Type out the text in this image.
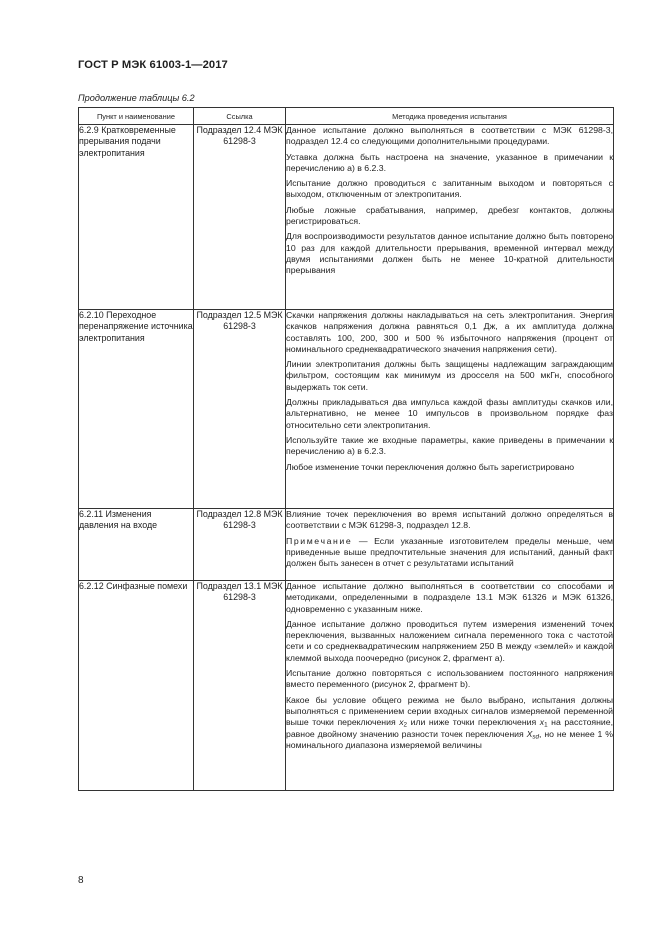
ГОСТ Р МЭК 61003-1—2017
Продолжение таблицы 6.2
Пункт и наименование	Ссылка	Методика проведения испытания
6.2.9 Кратковременные прерывания подачи электропитания	Подраздел 12.4 МЭК 61298-3	Данное испытание должно выполняться в соответствии с МЭК 61298-3, подраздел 12.4 со следующими дополнительными процедурами.

Уставка должна быть настроена на значение, указанное в примечании к перечислению а) в 6.2.3.

Испытание должно проводиться с запитанным выходом и повторяться с выходом, отключенным от электропитания.

Любые ложные срабатывания, например, дребезг контактов, должны регистрироваться.

Для воспроизводимости результатов данное испытание должно быть повторено 10 раз для каждой длительности прерывания, временной интервал между двумя испытаниями должен быть не менее 10-кратной длительности прерывания

6.2.10 Переходное перенапряжение источника электропитания	Подраздел 12.5 МЭК 61298-3	Скачки напряжения должны накладываться на сеть электропитания. Энергия скачков напряжения должна равняться 0,1 Дж, а их амплитуда должна составлять 100, 200, 300 и 500 % избыточного напряжения (процент от номинального среднеквадратического значения напряжения сети).

Линии электропитания должны быть защищены надлежащим заграждающим фильтром, состоящим как минимум из дросселя на 500 мкГн, способного выдержать ток сети.

Должны прикладываться два импульса каждой фазы амплитуды скачков или, альтернативно, не менее 10 импульсов в произвольном порядке фаз относительно сети электропитания.

Используйте такие же входные параметры, какие приведены в примечании к перечислению а) в 6.2.3.

Любое изменение точки переключения должно быть зарегистрировано

6.2.11 Изменения давления на входе	Подраздел 12.8 МЭК 61298-3	Влияние точек переключения во время испытаний должно определяться в соответствии с МЭК 61298-3, подраздел 12.8.

Примечание — Если указанные изготовителем пределы меньше, чем приведенные выше предпочтительные значения для испытаний, данный факт должен быть занесен в отчет с результатами испытаний

6.2.12 Синфазные помехи	Подраздел 13.1 МЭК 61298-3	Данное испытание должно выполняться в соответствии со способами и методиками, определенными в подразделе 13.1 МЭК 61326 и МЭК 61326, одновременно с указанным ниже.

Данное испытание должно проводиться путем измерения изменений точек переключения, вызванных наложением сигнала переменного тока с частотой сети и со среднеквадратическим напряжением 250 В между «землей» и каждой клеммой выхода поочередно (рисунок 2, фрагмент а).

Испытание должно повторяться с использованием постоянного напряжения вместо переменного (рисунок 2, фрагмент b).

Какое бы условие общего режима не было выбрано, испытания должны выполняться с применением серии входных сигналов измеряемой переменной выше точки переключения $x_2$ или ниже точки переключения $x_1$ на расстояние, равное двойному значению разности точек переключения $X_{sd}$, но не менее 1 % номинального диапазона измеряемой величины

8
